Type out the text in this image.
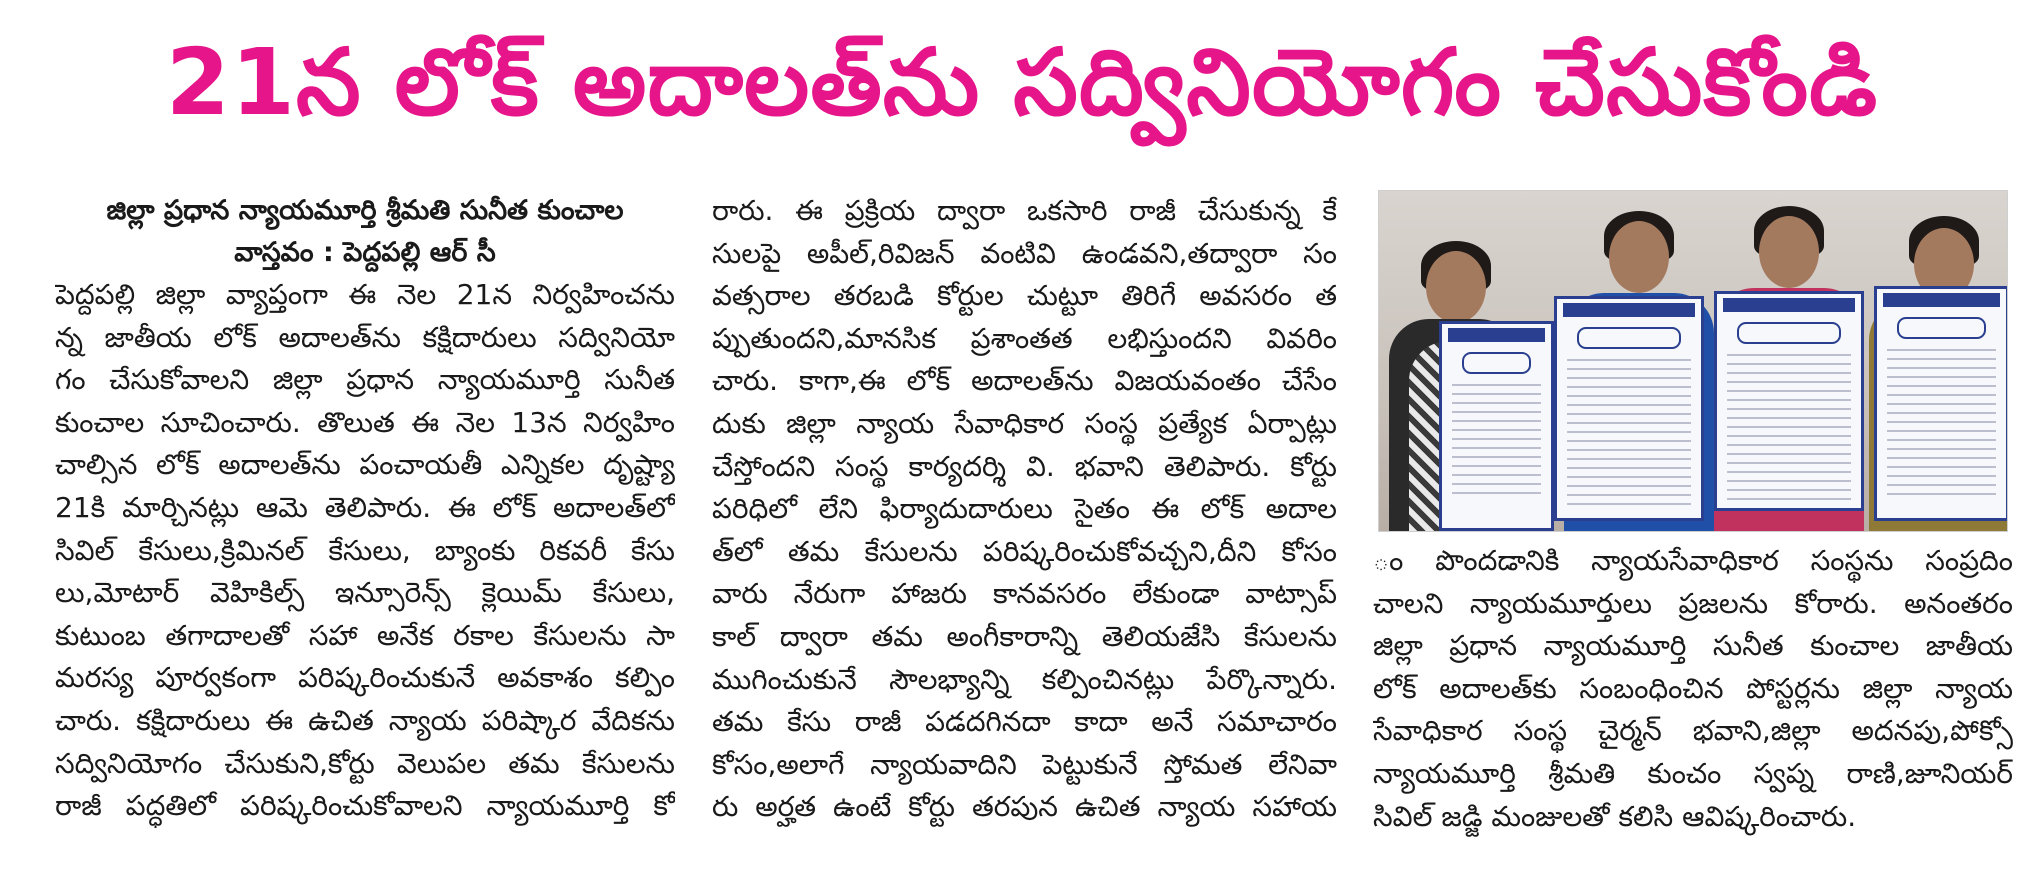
21న లోక్ అదాలత్‌ను సద్వినియోగం చేసుకోండి

జిల్లా ప్రధాన న్యాయమూర్తి శ్రీమతి సునీత కుంచాల

వాస్తవం : పెద్దపల్లి ఆర్ సీ

పెద్దపల్లి జిల్లా వ్యాప్తంగా ఈ నెల 21న నిర్వహించను
న్న జాతీయ లోక్ అదాలత్‌ను కక్షిదారులు సద్వినియో
గం చేసుకోవాలని జిల్లా ప్రధాన న్యాయమూర్తి సునీత
కుంచాల సూచించారు. తొలుత ఈ నెల 13న నిర్వహిం
చాల్సిన లోక్ అదాలత్‌ను పంచాయతీ ఎన్నికల దృష్ట్యా
21కి మార్చినట్లు ఆమె తెలిపారు. ఈ లోక్ అదాలత్‌లో
సివిల్ కేసులు,క్రిమినల్ కేసులు, బ్యాంకు రికవరీ కేసు
లు,మోటార్ వెహికిల్స్ ఇన్సూరెన్స్ క్లెయిమ్ కేసులు,
కుటుంబ తగాదాలతో సహా అనేక రకాల కేసులను సా
మరస్య పూర్వకంగా పరిష్కరించుకునే అవకాశం కల్పిం
చారు. కక్షిదారులు ఈ ఉచిత న్యాయ పరిష్కార వేదికను
సద్వినియోగం చేసుకుని,కోర్టు వెలుపల తమ కేసులను
రాజీ పద్ధతిలో పరిష్కరించుకోవాలని న్యాయమూర్తి కో
రారు. ఈ ప్రక్రియ ద్వారా ఒకసారి రాజీ చేసుకున్న కే
సులపై అపీల్,రివిజన్ వంటివి ఉండవని,తద్వారా సం
వత్సరాల తరబడి కోర్టుల చుట్టూ తిరిగే అవసరం త
ప్పుతుందని,మానసిక ప్రశాంతత లభిస్తుందని వివరిం
చారు. కాగా,ఈ లోక్ అదాలత్‌ను విజయవంతం చేసేం
దుకు జిల్లా న్యాయ సేవాధికార సంస్థ ప్రత్యేక ఏర్పాట్లు
చేస్తోందని సంస్థ కార్యదర్శి వి. భవాని తెలిపారు. కోర్టు
పరిధిలో లేని ఫిర్యాదుదారులు సైతం ఈ లోక్ అదాల
త్‌లో తమ కేసులను పరిష్కరించుకోవచ్చని,దీని కోసం
వారు నేరుగా హాజరు కానవసరం లేకుండా వాట్సాప్
కాల్ ద్వారా తమ అంగీకారాన్ని తెలియజేసి కేసులను
ముగించుకునే సౌలభ్యాన్ని కల్పించినట్లు పేర్కొన్నారు.
తమ కేసు రాజీ పడదగినదా కాదా అనే సమాచారం
కోసం,అలాగే న్యాయవాదిని పెట్టుకునే స్తోమత లేనివా
రు అర్హత ఉంటే కోర్టు తరపున ఉచిత న్యాయ సహాయ
ం పొందడానికి న్యాయసేవాధికార సంస్థను సంప్రదిం
చాలని న్యాయమూర్తులు ప్రజలను కోరారు. అనంతరం
జిల్లా ప్రధాన న్యాయమూర్తి సునీత కుంచాల జాతీయ
లోక్ అదాలత్‌కు సంబంధించిన పోస్టర్లను జిల్లా న్యాయ
సేవాధికార సంస్థ చైర్మన్ భవాని,జిల్లా అదనపు,పోక్సో
న్యాయమూర్తి శ్రీమతి కుంచం స్వప్న రాణి,జూనియర్
సివిల్ జడ్జి మంజులతో కలిసి ఆవిష్కరించారు.
